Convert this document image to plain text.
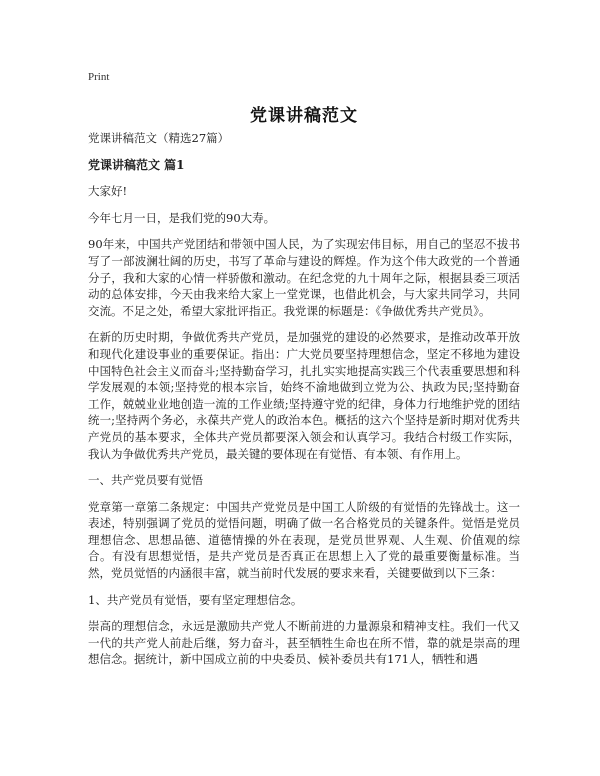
Print
党课讲稿范文

党课讲稿范文（精选27篇）

党课讲稿范文 篇1

大家好!

今年七月一日，是我们党的90大寿。

90年来，中国共产党团结和带领中国人民，为了实现宏伟目标，用自己的坚忍不拔书写了一部波澜壮阔的历史，书写了革命与建设的辉煌。作为这个伟大政党的一个普通分子，我和大家的心情一样骄傲和激动。在纪念党的九十周年之际，根据县委三项活动的总体安排，今天由我来给大家上一堂党课，也借此机会，与大家共同学习，共同交流。不足之处，希望大家批评指正。我党课的标题是：《争做优秀共产党员》。

在新的历史时期，争做优秀共产党员，是加强党的建设的必然要求，是推动改革开放和现代化建设事业的重要保证。指出：广大党员要坚持理想信念，坚定不移地为建设中国特色社会主义而奋斗;坚持勤奋学习，扎扎实实地提高实践三个代表重要思想和科学发展观的本领;坚持党的根本宗旨，始终不渝地做到立党为公、执政为民;坚持勤奋工作，兢兢业业地创造一流的工作业绩;坚持遵守党的纪律，身体力行地维护党的团结统一;坚持两个务必，永葆共产党人的政治本色。概括的这六个坚持是新时期对优秀共产党员的基本要求，全体共产党员都要深入领会和认真学习。我结合村级工作实际，我认为争做优秀共产党员，最关键的要体现在有觉悟、有本领、有作用上。

一、共产党员要有觉悟

党章第一章第二条规定：中国共产党党员是中国工人阶级的有觉悟的先锋战士。这一表述，特别强调了党员的觉悟问题，明确了做一名合格党员的关键条件。觉悟是党员理想信念、思想品德、道德情操的外在表现，是党员世界观、人生观、价值观的综合。有没有思想觉悟，是共产党员是否真正在思想上入了党的最重要衡量标准。当然，党员觉悟的内涵很丰富，就当前时代发展的要求来看，关键要做到以下三条：

1、共产党员有觉悟，要有坚定理想信念。

崇高的理想信念，永远是激励共产党人不断前进的力量源泉和精神支柱。我们一代又一代的共产党人前赴后继，努力奋斗，甚至牺牲生命也在所不惜，靠的就是崇高的理想信念。据统计，新中国成立前的中央委员、候补委员共有171人，牺牲和遇
